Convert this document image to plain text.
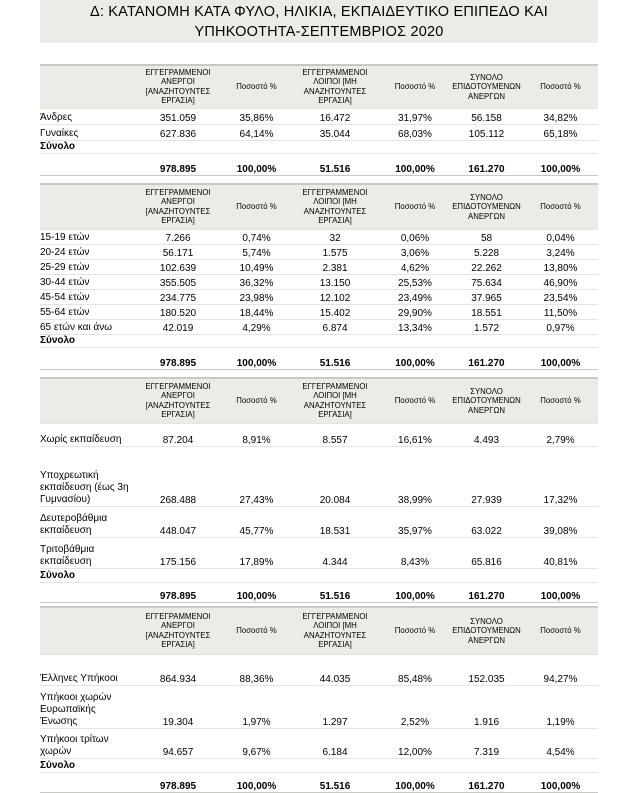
Δ: ΚΑΤΑΝΟΜΗ ΚΑΤΑ ΦΥΛΟ, ΗΛΙΚΙΑ, ΕΚΠΑΙΔΕΥΤΙΚΟ ΕΠΙΠΕΔΟ ΚΑΙ
ΥΠΗΚΟΟΤΗΤΑ-ΣΕΠΤΕΜΒΡΙΟΣ 2020
	ΕΓΓΕΓΡΑΜΜΕΝΟΙ ΑΝΕΡΓΟΙ [ΑΝΑΖΗΤΟΥΝΤΕΣ ΕΡΓΑΣΙΑ]	Ποσοστό %	ΕΓΓΕΓΡΑΜΜΕΝΟΙ ΛΟΙΠΟΙ [ΜΗ ΑΝΑΖΗΤΟΥΝΤΕΣ ΕΡΓΑΣΙΑ]	Ποσοστό %	ΣΥΝΟΛΟ ΕΠΙΔΟΤΟΥΜΕΝΩΝ ΑΝΕΡΓΩΝ	Ποσοστό %
Άνδρες	351.059	35,86%	16.472	31,97%	56.158	34,82%
Γυναίκες	627.836	64,14%	35.044	68,03%	105.112	65,18%
Σύνολο						
	978.895	100,00%	51.516	100,00%	161.270	100,00%
	ΕΓΓΕΓΡΑΜΜΕΝΟΙ ΑΝΕΡΓΟΙ [ΑΝΑΖΗΤΟΥΝΤΕΣ ΕΡΓΑΣΙΑ]	Ποσοστό %	ΕΓΓΕΓΡΑΜΜΕΝΟΙ ΛΟΙΠΟΙ [ΜΗ ΑΝΑΖΗΤΟΥΝΤΕΣ ΕΡΓΑΣΙΑ]	Ποσοστό %	ΣΥΝΟΛΟ ΕΠΙΔΟΤΟΥΜΕΝΩΝ ΑΝΕΡΓΩΝ	Ποσοστό %
15-19 ετών	7.266	0,74%	32	0,06%	58	0,04%
20-24 ετών	56.171	5,74%	1.575	3,06%	5.228	3,24%
25-29 ετών	102.639	10,49%	2.381	4,62%	22.262	13,80%
30-44 ετών	355.505	36,32%	13.150	25,53%	75.634	46,90%
45-54 ετών	234.775	23,98%	12.102	23,49%	37.965	23,54%
55-64 ετών	180.520	18,44%	15.402	29,90%	18.551	11,50%
65 ετών και άνω	42.019	4,29%	6.874	13,34%	1.572	0,97%
Σύνολο						
	978.895	100,00%	51.516	100,00%	161.270	100,00%
	ΕΓΓΕΓΡΑΜΜΕΝΟΙ ΑΝΕΡΓΟΙ [ΑΝΑΖΗΤΟΥΝΤΕΣ ΕΡΓΑΣΙΑ]	Ποσοστό %	ΕΓΓΕΓΡΑΜΜΕΝΟΙ ΛΟΙΠΟΙ [ΜΗ ΑΝΑΖΗΤΟΥΝΤΕΣ ΕΡΓΑΣΙΑ]	Ποσοστό %	ΣΥΝΟΛΟ ΕΠΙΔΟΤΟΥΜΕΝΩΝ ΑΝΕΡΓΩΝ	Ποσοστό %
Χωρίς εκπαίδευση	87.204	8,91%	8.557	16,61%	4.493	2,79%
Υποχρεωτική εκπαίδευση (έως 3η Γυμνασίου)	268.488	27,43%	20.084	38,99%	27.939	17,32%
Δευτεροβάθμια εκπαίδευση	448.047	45,77%	18.531	35,97%	63.022	39,08%
Τριτοβάθμια εκπαίδευση	175.156	17,89%	4.344	8,43%	65.816	40,81%
Σύνολο						
	978.895	100,00%	51.516	100,00%	161.270	100,00%
	ΕΓΓΕΓΡΑΜΜΕΝΟΙ ΑΝΕΡΓΟΙ [ΑΝΑΖΗΤΟΥΝΤΕΣ ΕΡΓΑΣΙΑ]	Ποσοστό %	ΕΓΓΕΓΡΑΜΜΕΝΟΙ ΛΟΙΠΟΙ [ΜΗ ΑΝΑΖΗΤΟΥΝΤΕΣ ΕΡΓΑΣΙΑ]	Ποσοστό %	ΣΥΝΟΛΟ ΕΠΙΔΟΤΟΥΜΕΝΩΝ ΑΝΕΡΓΩΝ	Ποσοστό %
Έλληνες Υπήκοοι	864.934	88,36%	44.035	85,48%	152.035	94,27%
Υπήκοοι χωρών Ευρωπαϊκής Ένωσης	19.304	1,97%	1.297	2,52%	1.916	1,19%
Υπήκοοι τρίτων χωρών	94.657	9,67%	6.184	12,00%	7.319	4,54%
Σύνολο						
	978.895	100,00%	51.516	100,00%	161.270	100,00%
